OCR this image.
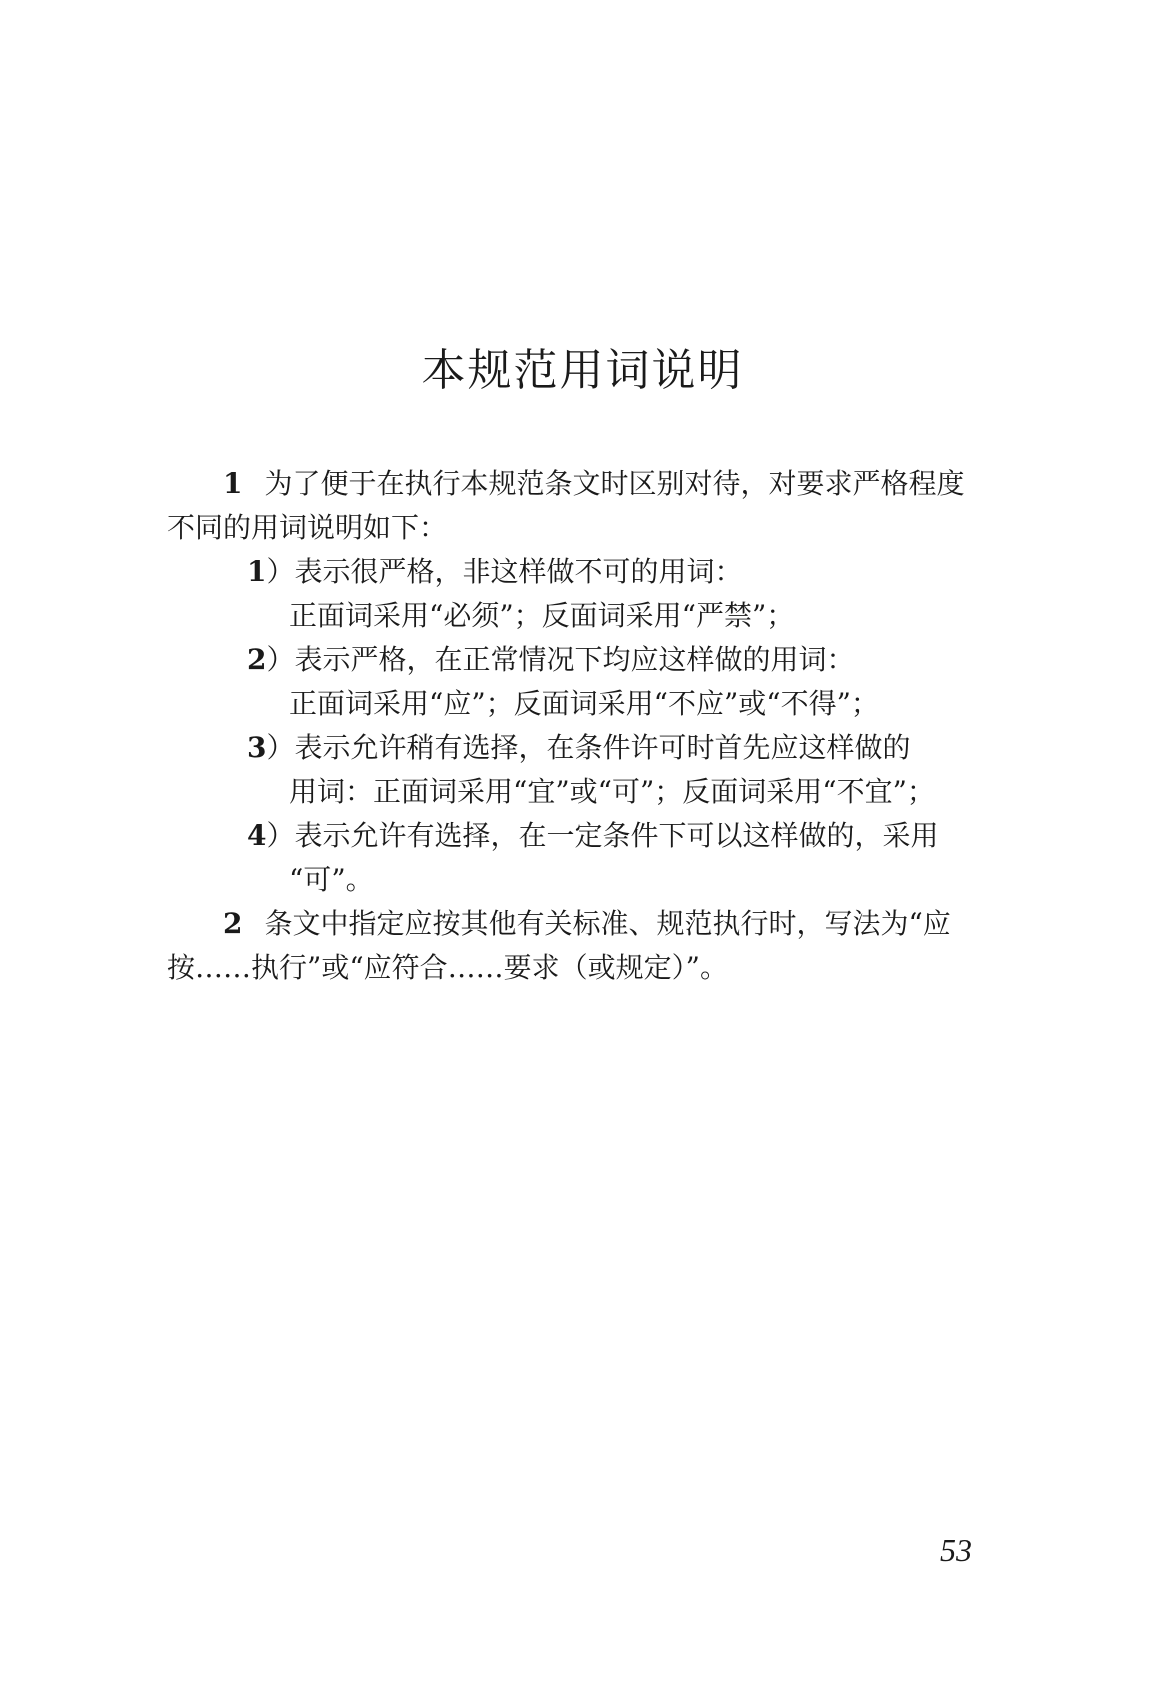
本规范用词说明

1 为了便于在执行本规范条文时区别对待，对要求严格程度

不同的用词说明如下：

1）表示很严格，非这样做不可的用词：

正面词采用“必须”；反面词采用“严禁”；

2）表示严格，在正常情况下均应这样做的用词：

正面词采用“应”；反面词采用“不应”或“不得”；

3）表示允许稍有选择，在条件许可时首先应这样做的

用词：正面词采用“宜”或“可”；反面词采用“不宜”；

4）表示允许有选择，在一定条件下可以这样做的，采用

“可”。

2 条文中指定应按其他有关标准、规范执行时，写法为“应

按……执行”或“应符合……要求（或规定）”。

53
